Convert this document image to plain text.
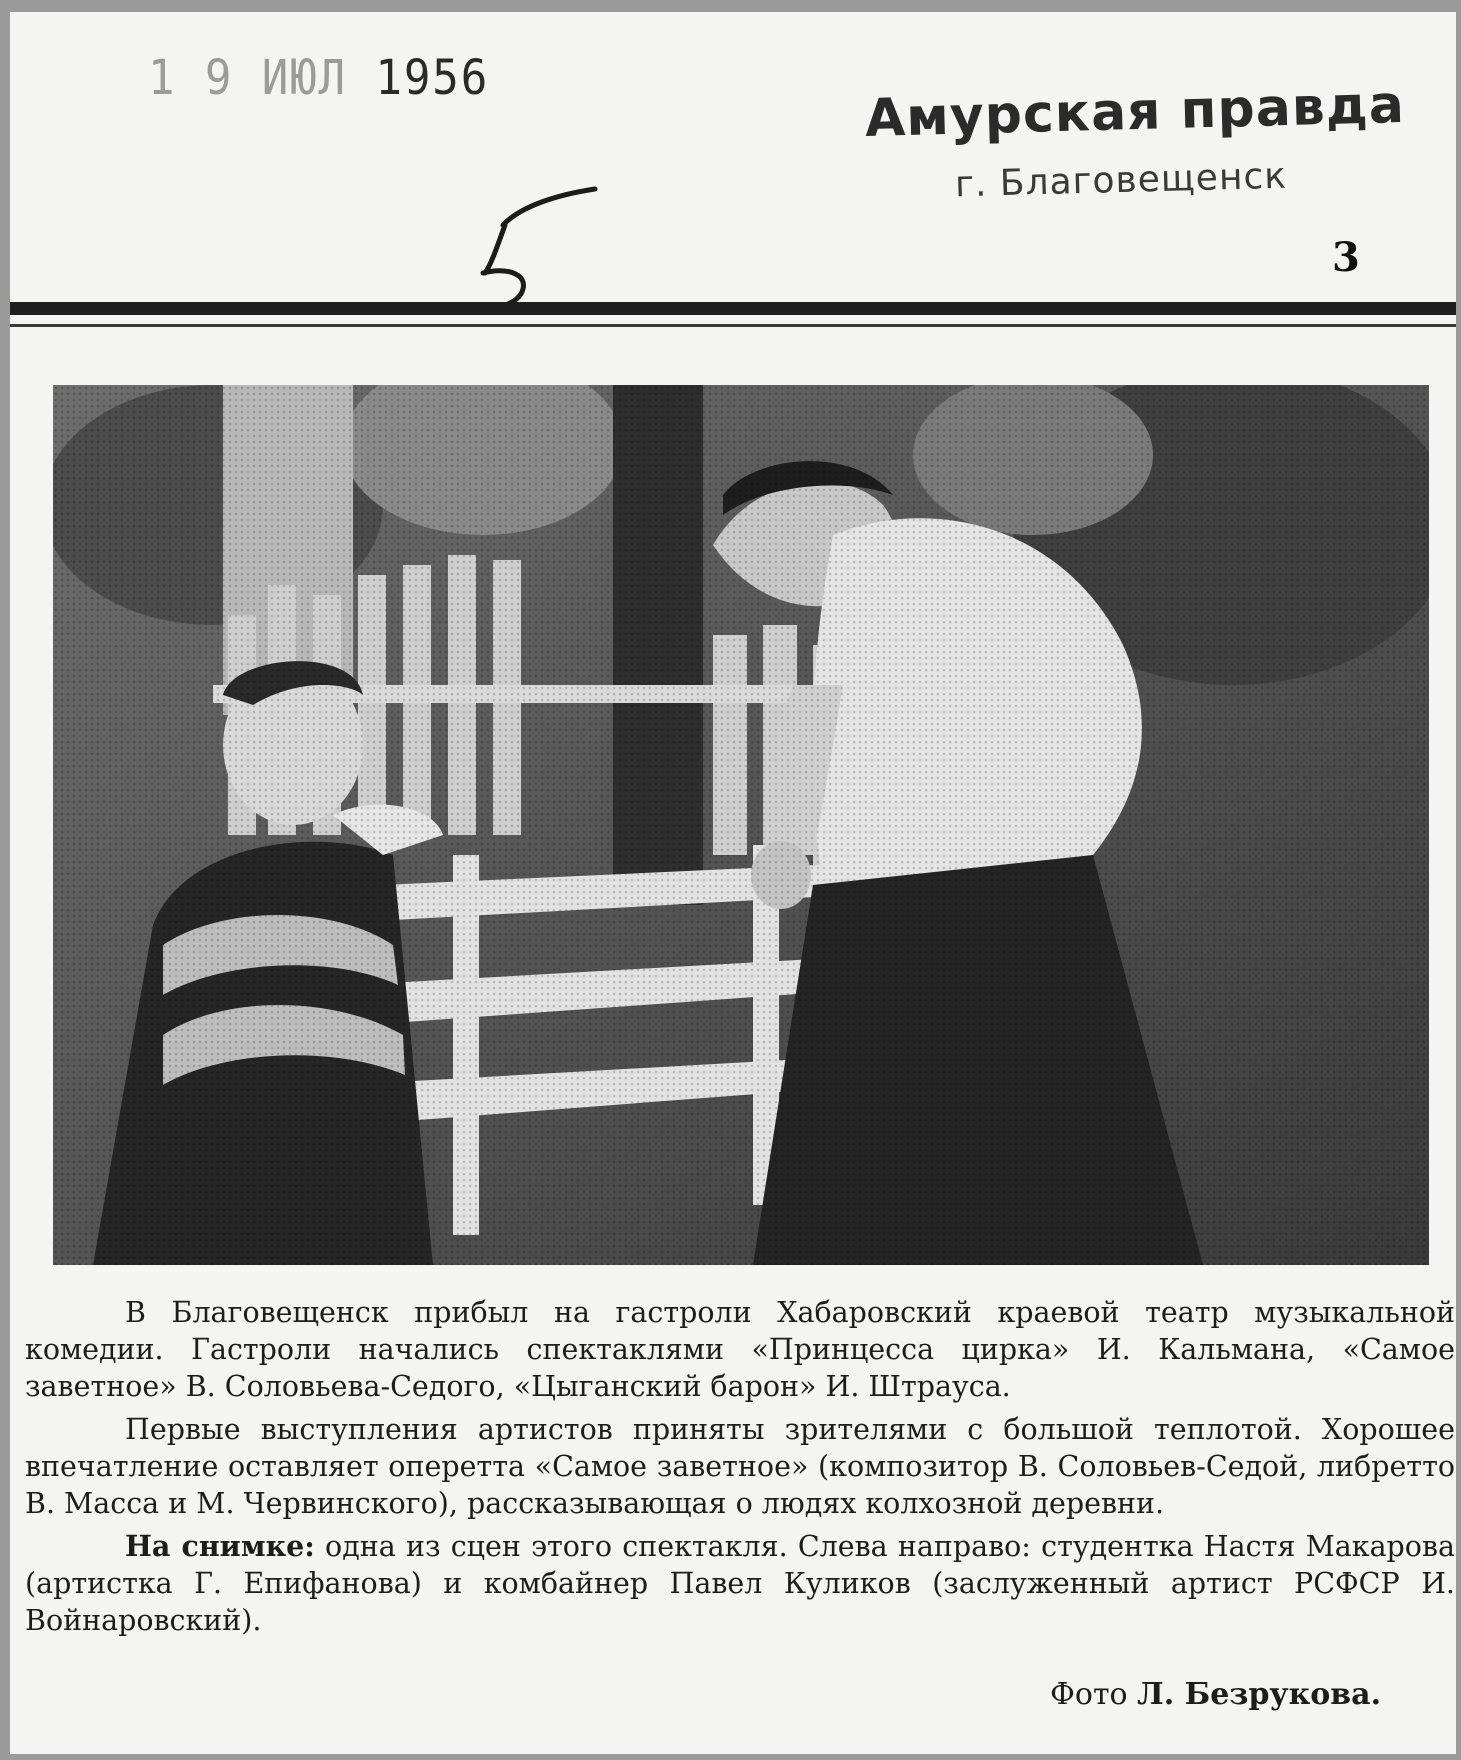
1 9 ИЮЛ 1956	Амурская правда
г. Благовещенск
3

В Благовещенск прибыл на гастроли Хабаровский краевой театр музыкальной комедии. Гастроли начались спектаклями «Принцесса цирка» И. Кальмана, «Самое заветное» В. Соловьева-Седого, «Цыганский барон» И. Штрауса.

Первые выступления артистов приняты зрителями с большой теплотой. Хорошее впечатление оставляет оперетта «Самое заветное» (композитор В. Соловьев-Седой, либретто В. Масса и М. Червинского), рассказывающая о людях колхозной деревни.

На снимке: одна из сцен этого спектакля. Слева направо: студентка Настя Макарова (артистка Г. Епифанова) и комбайнер Павел Куликов (заслуженный артист РСФСР И. Войнаровский).

Фото Л. Безрукова.
